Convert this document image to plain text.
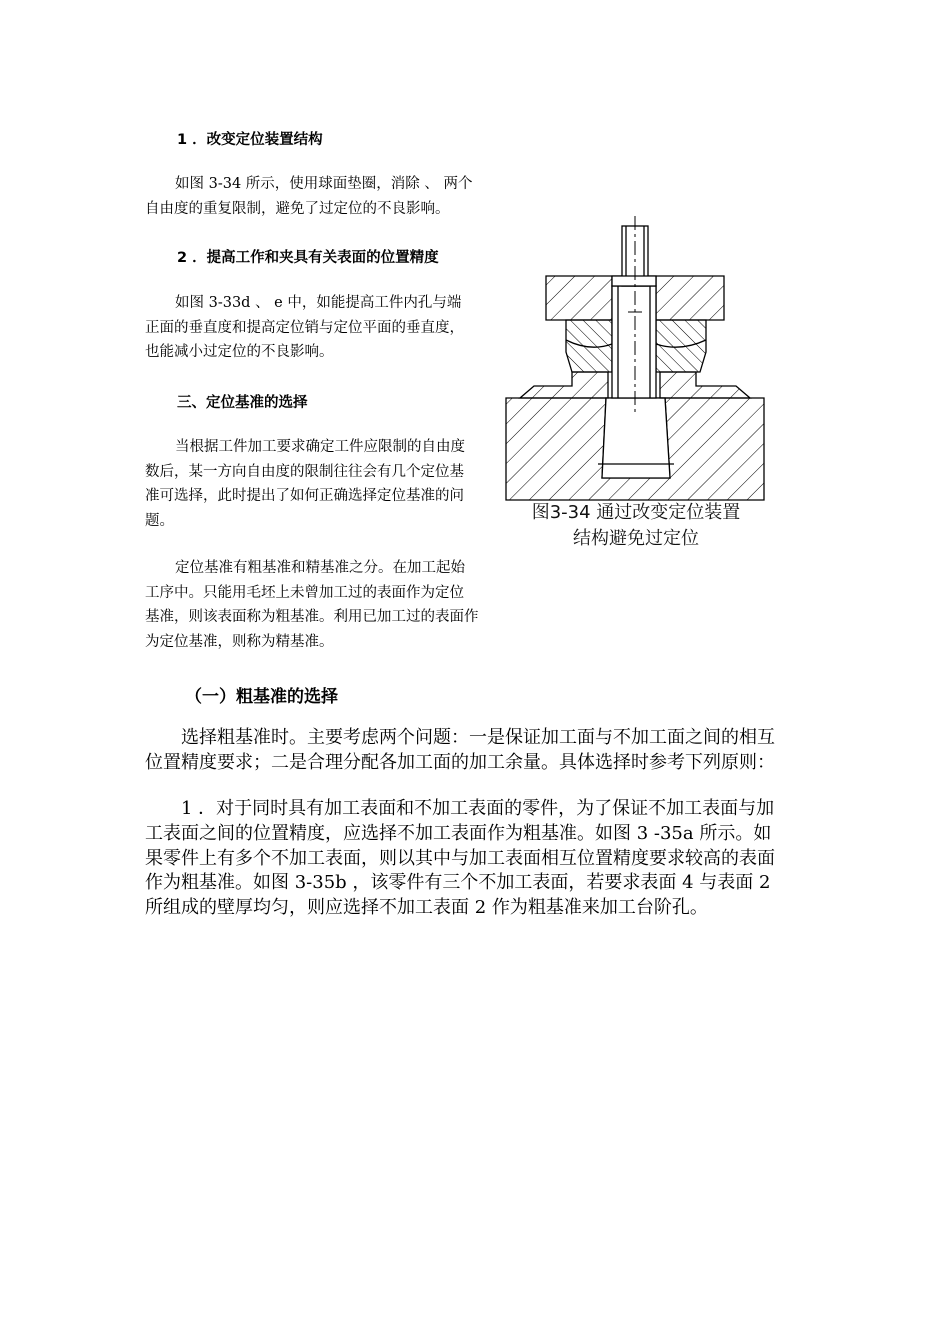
1 ．改变定位装置结构

如图 3-34 所示，使用球面垫圈，消除 、 两个
自由度的重复限制，避免了过定位的不良影响。

2 ．提高工作和夹具有关表面的位置精度

如图 3-33d 、 e 中，如能提高工件内孔与端
正面的垂直度和提高定位销与定位平面的垂直度，
也能减小过定位的不良影响。

三、定位基准的选择

当根据工件加工要求确定工件应限制的自由度
数后，某一方向自由度的限制往往会有几个定位基
准可选择，此时提出了如何正确选择定位基准的问
题。
定位基准有粗基准和精基准之分。在加工起始
工序中。只能用毛坯上未曾加工过的表面作为定位
基准，则该表面称为粗基准。利用已加工过的表面作
为定位基准，则称为精基准。
图3-34 通过改变定位装置
结构避免过定位

（一）粗基准的选择

选择粗基准时。主要考虑两个问题：一是保证加工面与不加工面之间的相互
位置精度要求；二是合理分配各加工面的加工余量。具体选择时参考下列原则：
1 ．对于同时具有加工表面和不加工表面的零件，为了保证不加工表面与加
工表面之间的位置精度，应选择不加工表面作为粗基准。如图 3 -35a 所示。如
果零件上有多个不加工表面，则以其中与加工表面相互位置精度要求较高的表面
作为粗基准。如图 3-35b ，该零件有三个不加工表面，若要求表面 4 与表面 2
所组成的壁厚均匀，则应选择不加工表面 2 作为粗基准来加工台阶孔。
